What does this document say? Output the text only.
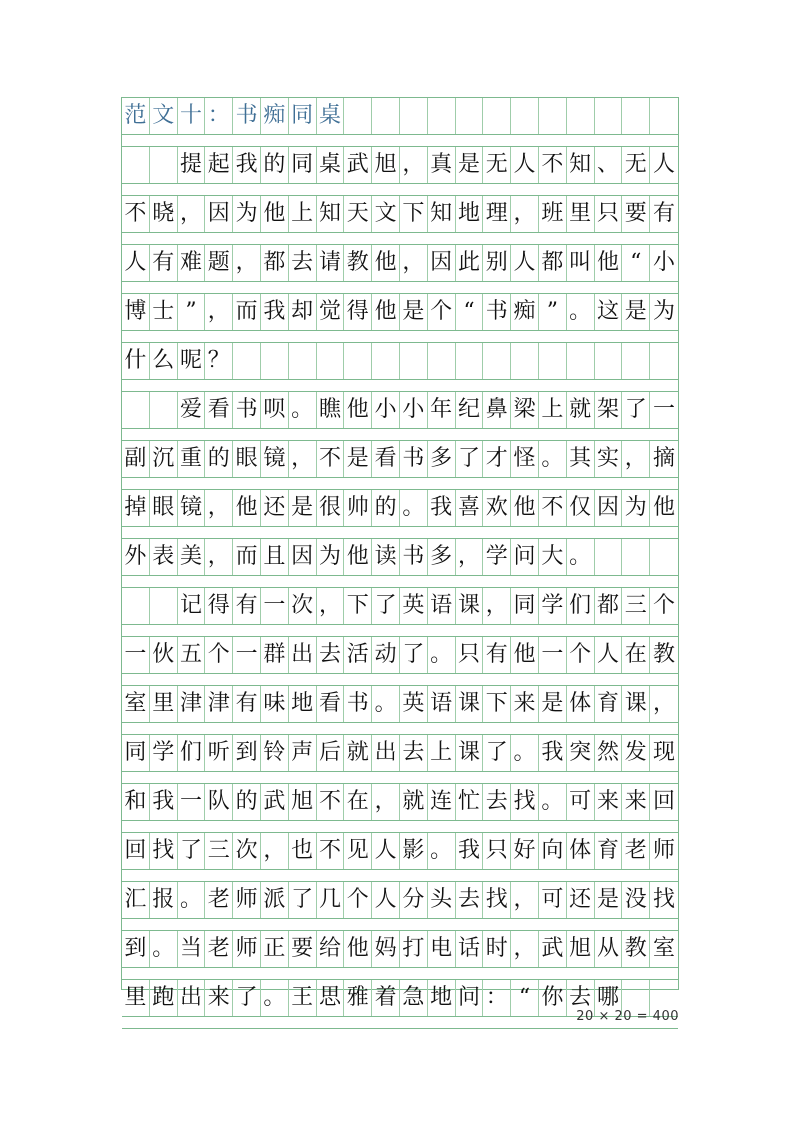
范 文 十 ： 书 痴 同 桌
提 起 我 的 同 桌 武 旭 ， 真 是 无 人 不 知 、 无 人
不 晓 ， 因 为 他 上 知 天 文 下 知 地 理 ， 班 里 只 要 有
人 有 难 题 ， 都 去 请 教 他 ， 因 此 别 人 都 叫 他 “ 小
博 士 ” ， 而 我 却 觉 得 他 是 个 “ 书 痴 ” 。 这 是 为
什 么 呢 ？
爱 看 书 呗 。 瞧 他 小 小 年 纪 鼻 梁 上 就 架 了 一
副 沉 重 的 眼 镜 ， 不 是 看 书 多 了 才 怪 。 其 实 ， 摘
掉 眼 镜 ， 他 还 是 很 帅 的 。 我 喜 欢 他 不 仅 因 为 他
外 表 美 ， 而 且 因 为 他 读 书 多 ， 学 问 大 。
记 得 有 一 次 ， 下 了 英 语 课 ， 同 学 们 都 三 个
一 伙 五 个 一 群 出 去 活 动 了 。 只 有 他 一 个 人 在 教
室 里 津 津 有 味 地 看 书 。 英 语 课 下 来 是 体 育 课 ，
同 学 们 听 到 铃 声 后 就 出 去 上 课 了 。 我 突 然 发 现
和 我 一 队 的 武 旭 不 在 ， 就 连 忙 去 找 。 可 来 来 回
回 找 了 三 次 ， 也 不 见 人 影 。 我 只 好 向 体 育 老 师
汇 报 。 老 师 派 了 几 个 人 分 头 去 找 ， 可 还 是 没 找
到 。 当 老 师 正 要 给 他 妈 打 电 话 时 ， 武 旭 从 教 室
里 跑 出 来 了 。 王 思 雅 着 急 地 问 ： “ 你 去 哪
20 × 20 = 400
